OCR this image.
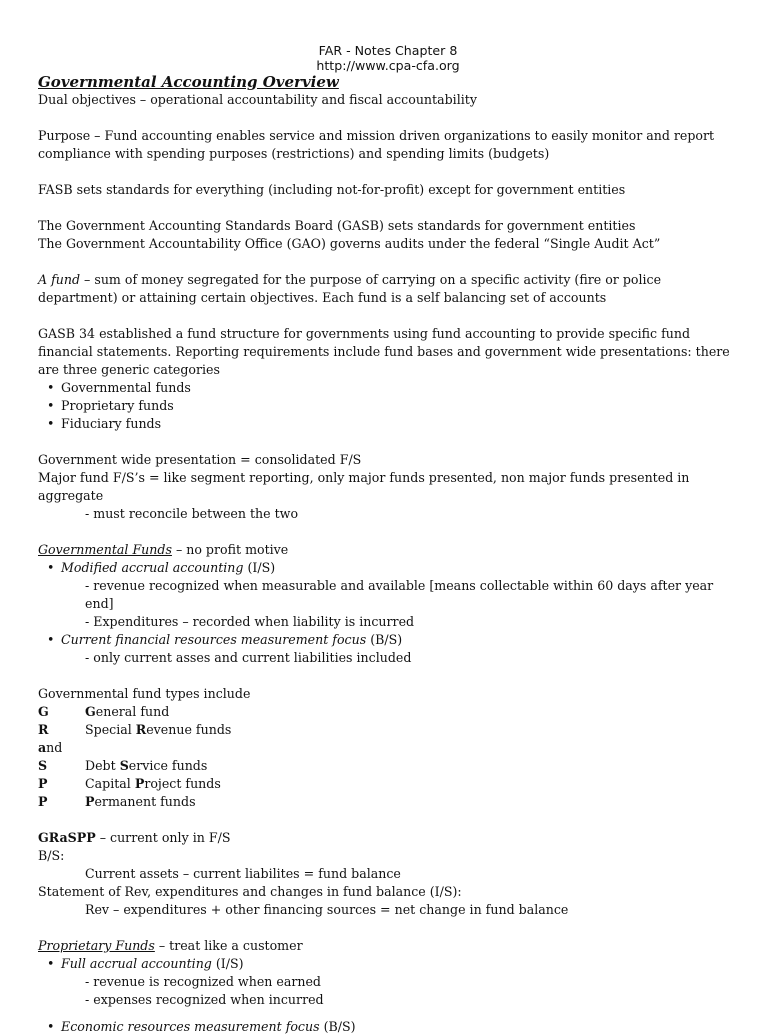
FAR - Notes Chapter 8
http://www.cpa-cfa.org
Governmental Accounting Overview

Dual objectives – operational accountability and fiscal accountability

Purpose – Fund accounting enables service and mission driven organizations to easily monitor and report compliance with spending purposes (restrictions) and spending limits (budgets)

FASB sets standards for everything (including not-for-profit) except for government entities

The Government Accounting Standards Board (GASB) sets standards for government entities

The Government Accountability Office (GAO) governs audits under the federal “Single Audit Act”

A fund – sum of money segregated for the purpose of carrying on a specific activity (fire or police department) or attaining certain objectives. Each fund is a self balancing set of accounts

GASB 34 established a fund structure for governments using fund accounting to provide specific fund financial statements. Reporting requirements include fund bases and government wide presentations: there are three generic categories

• Governmental funds
• Proprietary funds
• Fiduciary funds

Government wide presentation = consolidated F/S

Major fund F/S’s = like segment reporting, only major funds presented, non major funds presented in aggregate

- must reconcile between the two

Governmental Funds – no profit motive

• Modified accrual accounting (I/S)

- revenue recognized when measurable and available [means collectable within 60 days after year end]

- Expenditures – recorded when liability is incurred

• Current financial resources measurement focus (B/S)

- only current asses and current liabilities included

Governmental fund types include

G	General fund
R	Special Revenue funds
and
S	Debt Service funds
P	Capital Project funds
P	Permanent funds

GRaSPP – current only in F/S

B/S:

Current assets – current liabilites = fund balance

Statement of Rev, expenditures and changes in fund balance (I/S):

Rev – expenditures + other financing sources = net change in fund balance

Proprietary Funds – treat like a customer

• Full accrual accounting (I/S)

- revenue is recognized when earned

- expenses recognized when incurred

• Economic resources measurement focus (B/S)
